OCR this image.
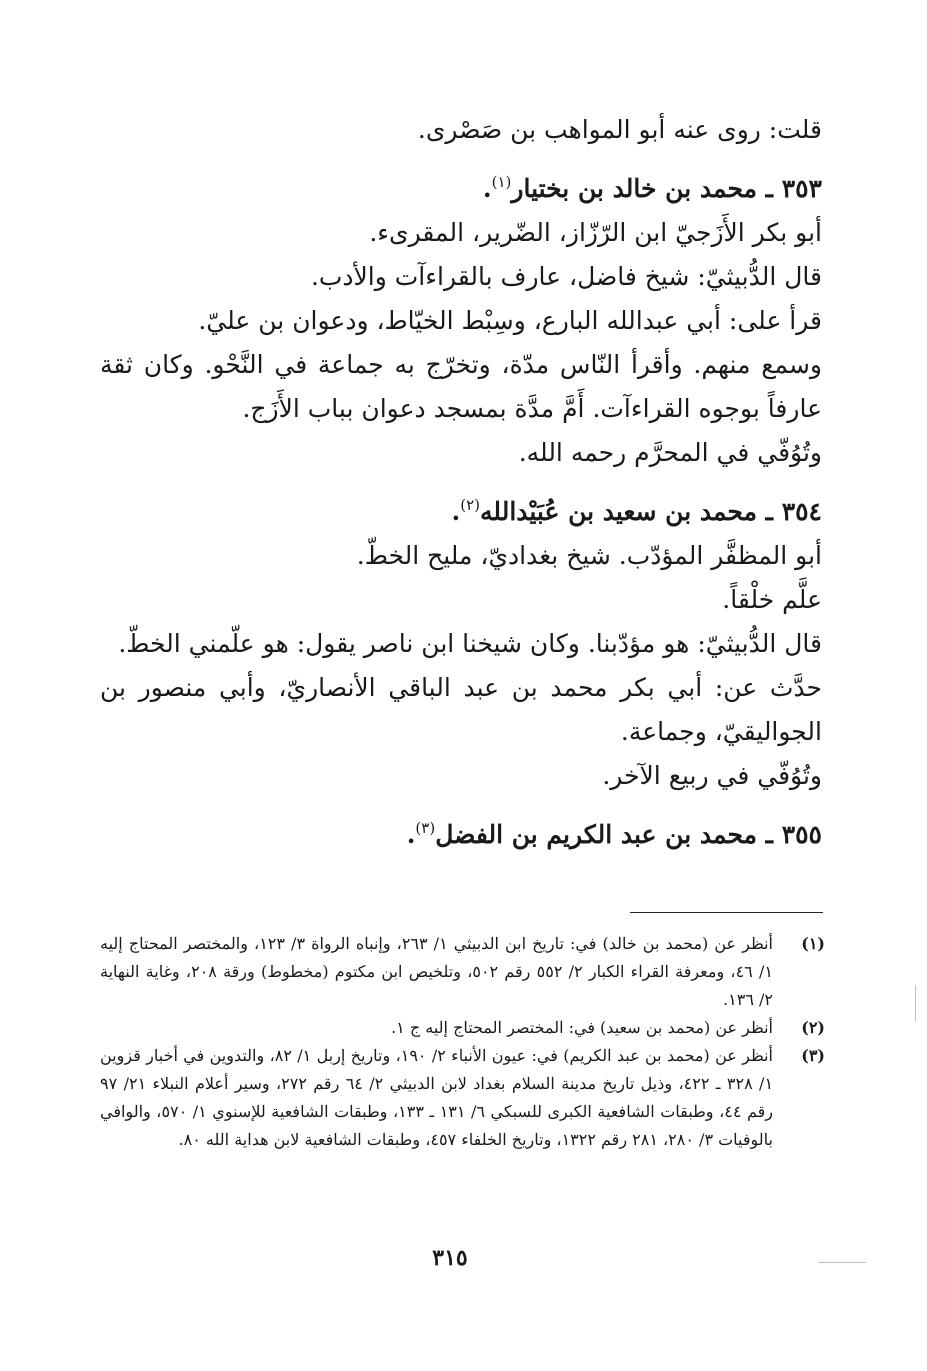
قلت: روى عنه أبو المواهب بن صَصْرى.
٣٥٣ ـ محمد بن خالد بن بختيار$^{(١)}$.
أبو بكر الأَزَجيّ ابن الرّزّاز، الضّرير، المقرىء.
قال الدُّبيثيّ: شيخ فاضل، عارف بالقراءآت والأدب.
قرأ على: أبي عبدالله البارع، وسِبْط الخيّاط، ودعوان بن عليّ.
وسمع منهم. وأقرأ النّاس مدّة، وتخرّج به جماعة في النَّحْو. وكان ثقة عارفاً بوجوه القراءآت. أَمَّ مدَّة بمسجد دعوان بباب الأَزَج.
وتُوُفّي في المحرَّم رحمه الله.
٣٥٤ ـ محمد بن سعيد بن عُبَيْدالله$^{(٢)}$.
أبو المظفَّر المؤدّب. شيخ بغداديّ، مليح الخطّ.
علَّم خلْقاً.
قال الدُّبيثيّ: هو مؤدّبنا. وكان شيخنا ابن ناصر يقول: هو علّمني الخطّ.
حدَّث عن: أبي بكر محمد بن عبد الباقي الأنصاريّ، وأبي منصور بن الجواليقيّ، وجماعة.
وتُوُفّي في ربيع الآخر.
٣٥٥ ـ محمد بن عبد الكريم بن الفضل$^{(٣)}$.
(١)
أنظر عن (محمد بن خالد) في: تاريخ ابن الدبيثي ١/ ٢٦٣، وإنباه الرواة ٣/ ١٢٣، والمختصر المحتاج إليه ١/ ٤٦، ومعرفة القراء الكبار ٢/ ٥٥٢ رقم ٥٠٢، وتلخيص ابن مكتوم (مخطوط) ورقة ٢٠٨، وغاية النهاية ٢/ ١٣٦.
(٢)
أنظر عن (محمد بن سعيد) في: المختصر المحتاج إليه ج ١.
(٣)
أنظر عن (محمد بن عبد الكريم) في: عيون الأنباء ٢/ ١٩٠، وتاريخ إربل ١/ ٨٢، والتدوين في أخبار قزوين ١/ ٣٢٨ ـ ٤٢٢، وذيل تاريخ مدينة السلام بغداد لابن الدبيثي ٢/ ٦٤ رقم ٢٧٢، وسير أعلام النبلاء ٢١/ ٩٧ رقم ٤٤، وطبقات الشافعية الكبرى للسبكي ٦/ ١٣١ ـ ١٣٣، وطبقات الشافعية للإسنوي ١/ ٥٧٠، والوافي بالوفيات ٣/ ٢٨٠، ٢٨١ رقم ١٣٢٢، وتاريخ الخلفاء ٤٥٧، وطبقات الشافعية لابن هداية الله ٨٠.
٣١٥
